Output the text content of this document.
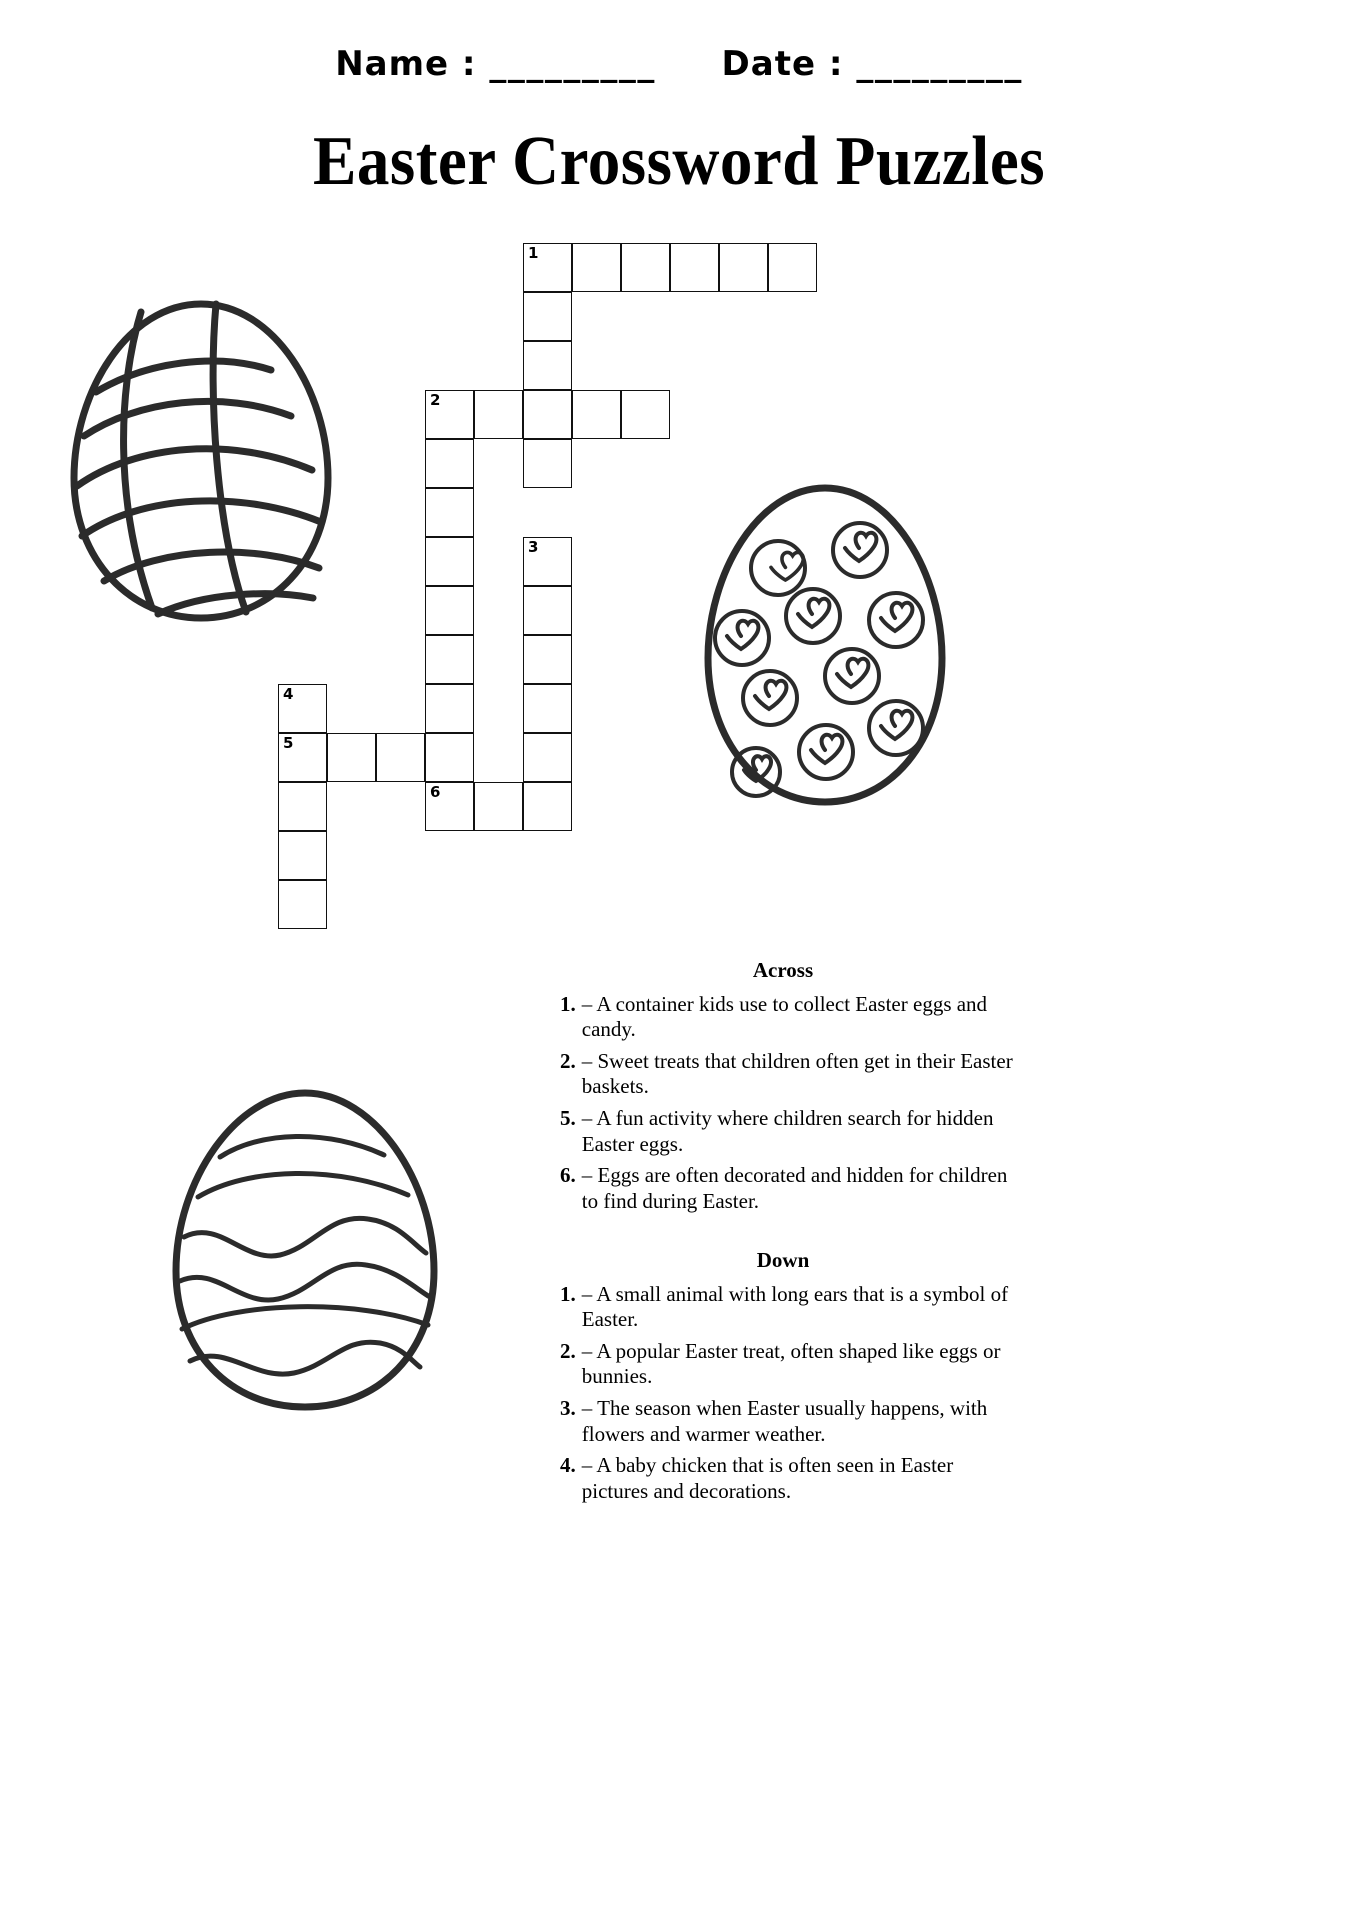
Name : _________ Date : _________
Easter Crossword Puzzles
1
2
3
4
5
6
Across
1. – A container kids use to collect Easter eggs and candy.
2. – Sweet treats that children often get in their Easter baskets.
5. – A fun activity where children search for hidden Easter eggs.
6. – Eggs are often decorated and hidden for children to find during Easter.
Down
1. – A small animal with long ears that is a symbol of Easter.
2. – A popular Easter treat, often shaped like eggs or bunnies.
3. – The season when Easter usually happens, with flowers and warmer weather.
4. – A baby chicken that is often seen in Easter pictures and decorations.
